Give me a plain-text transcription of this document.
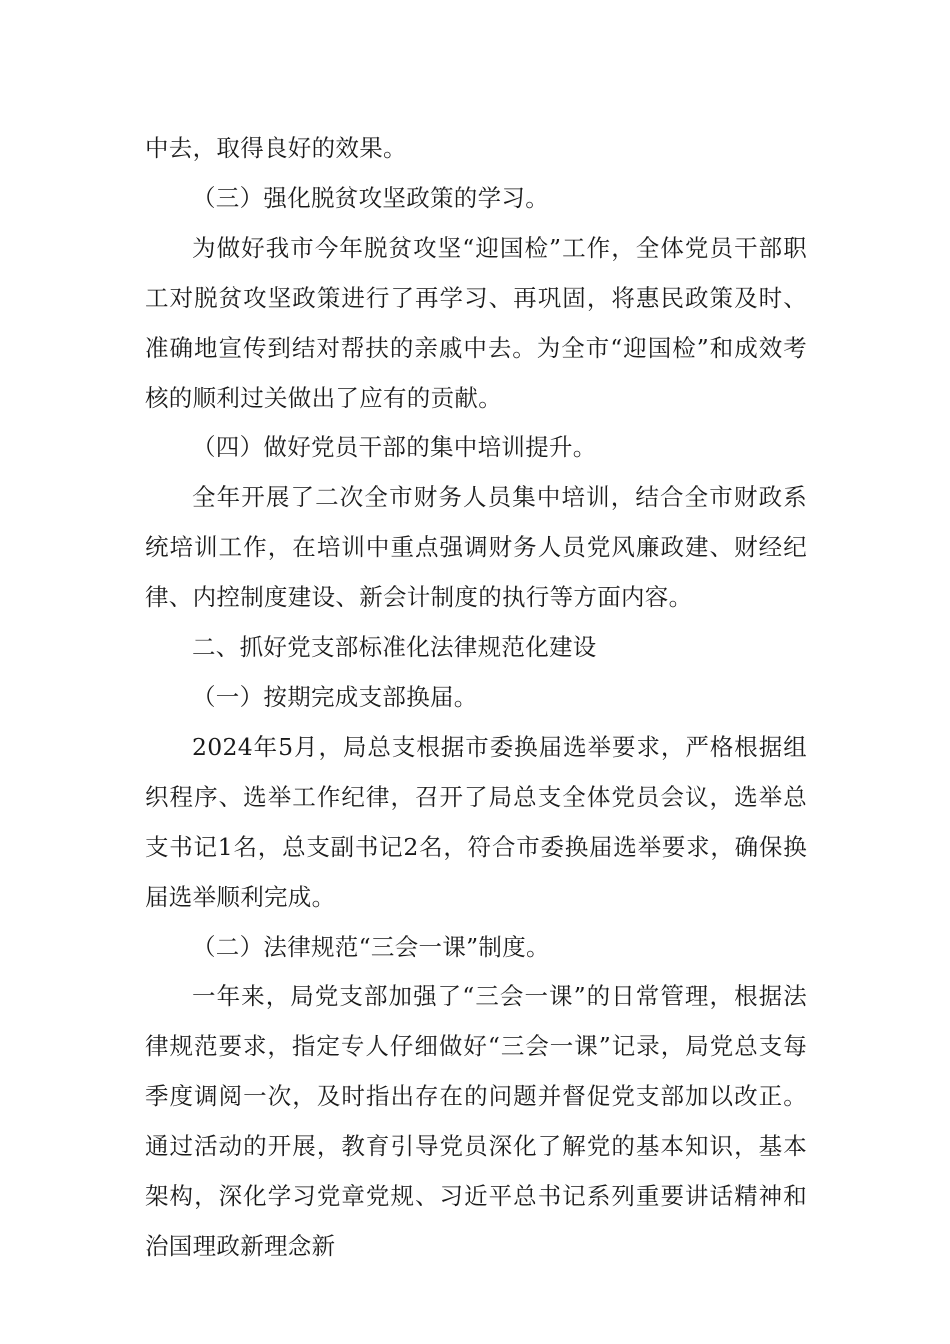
中去，取得良好的效果。

（三）强化脱贫攻坚政策的学习。

为做好我市今年脱贫攻坚“迎国检”工作，全体党员干部职工对脱贫攻坚政策进行了再学习、再巩固，将惠民政策及时、准确地宣传到结对帮扶的亲戚中去。为全市“迎国检”和成效考核的顺利过关做出了应有的贡献。

（四）做好党员干部的集中培训提升。

全年开展了二次全市财务人员集中培训，结合全市财政系统培训工作，在培训中重点强调财务人员党风廉政建、财经纪律、内控制度建设、新会计制度的执行等方面内容。

二、抓好党支部标准化法律规范化建设

（一）按期完成支部换届。

2024年5月，局总支根据市委换届选举要求，严格根据组织程序、选举工作纪律，召开了局总支全体党员会议，选举总支书记1名，总支副书记2名，符合市委换届选举要求，确保换届选举顺利完成。

（二）法律规范“三会一课”制度。

一年来，局党支部加强了“三会一课”的日常管理，根据法律规范要求，指定专人仔细做好“三会一课”记录，局党总支每季度调阅一次，及时指出存在的问题并督促党支部加以改正。通过活动的开展，教育引导党员深化了解党的基本知识，基本架构，深化学习党章党规、习近平总书记系列重要讲话精神和治国理政新理念新
